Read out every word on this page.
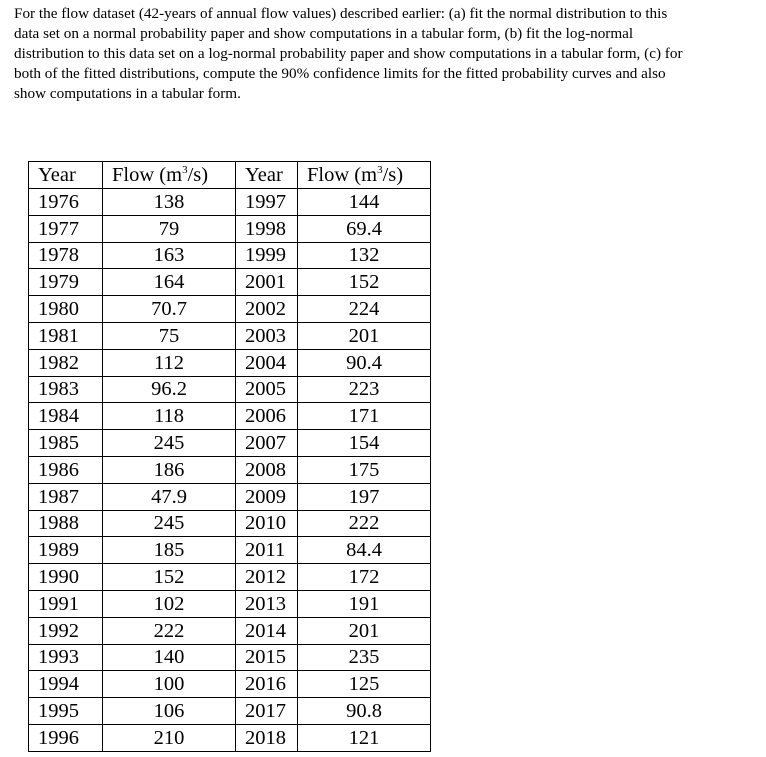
For the flow dataset (42-years of annual flow values) described earlier: (a) fit the normal distribution to this
data set on a normal probability paper and show computations in a tabular form, (b) fit the log-normal
distribution to this data set on a log-normal probability paper and show computations in a tabular form, (c) for
both of the fitted distributions, compute the 90% confidence limits for the fitted probability curves and also
show computations in a tabular form.

Year	Flow $(m^3/s)$	Year	Flow $(m^3/s)$
1976	138	1997	144
1977	79	1998	69.4
1978	163	1999	132
1979	164	2001	152
1980	70.7	2002	224
1981	75	2003	201
1982	112	2004	90.4
1983	96.2	2005	223
1984	118	2006	171
1985	245	2007	154
1986	186	2008	175
1987	47.9	2009	197
1988	245	2010	222
1989	185	2011	84.4
1990	152	2012	172
1991	102	2013	191
1992	222	2014	201
1993	140	2015	235
1994	100	2016	125
1995	106	2017	90.8
1996	210	2018	121
